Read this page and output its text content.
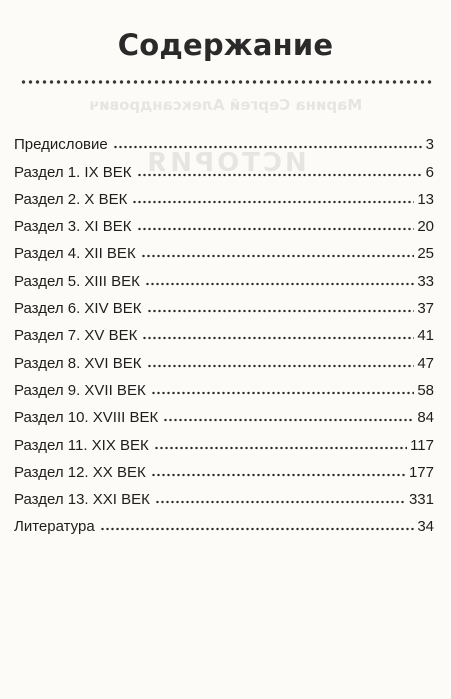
Марина Сергей Александрович
ИСТОРИЯ
Содержание
Предисловие	3
Раздел 1. IX ВЕК	6
Раздел 2. X ВЕК	13
Раздел 3. XI ВЕК	20
Раздел 4. XII ВЕК	25
Раздел 5. XIII ВЕК	33
Раздел 6. XIV ВЕК	37
Раздел 7. XV ВЕК	41
Раздел 8. XVI ВЕК	47
Раздел 9. XVII ВЕК	58
Раздел 10. XVIII ВЕК	84
Раздел 11. XIX ВЕК	117
Раздел 12. XX ВЕК	177
Раздел 13. XXI ВЕК	331
Литература	34
